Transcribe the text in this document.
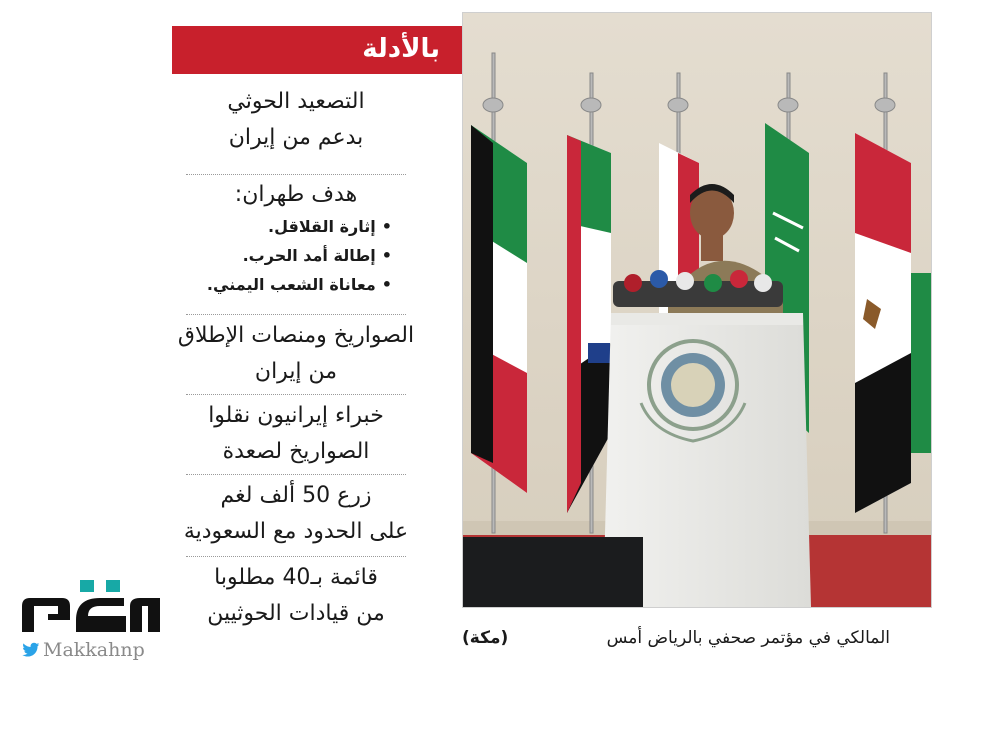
بالأدلة
التصعيد الحوثي
بدعم من إيران
هدف طهران:
• إثارة القلاقل.
• إطالة أمد الحرب.
• معاناة الشعب اليمني.
الصواريخ ومنصات الإطلاق
من إيران
خبراء إيرانيون نقلوا
الصواريخ لصعدة
زرع 50 ألف لغم
على الحدود مع السعودية
قائمة بـ40 مطلوبا
من قيادات الحوثيين
المالكي في مؤتمر صحفي بالرياض أمس
(مكة)
Makkahnp
